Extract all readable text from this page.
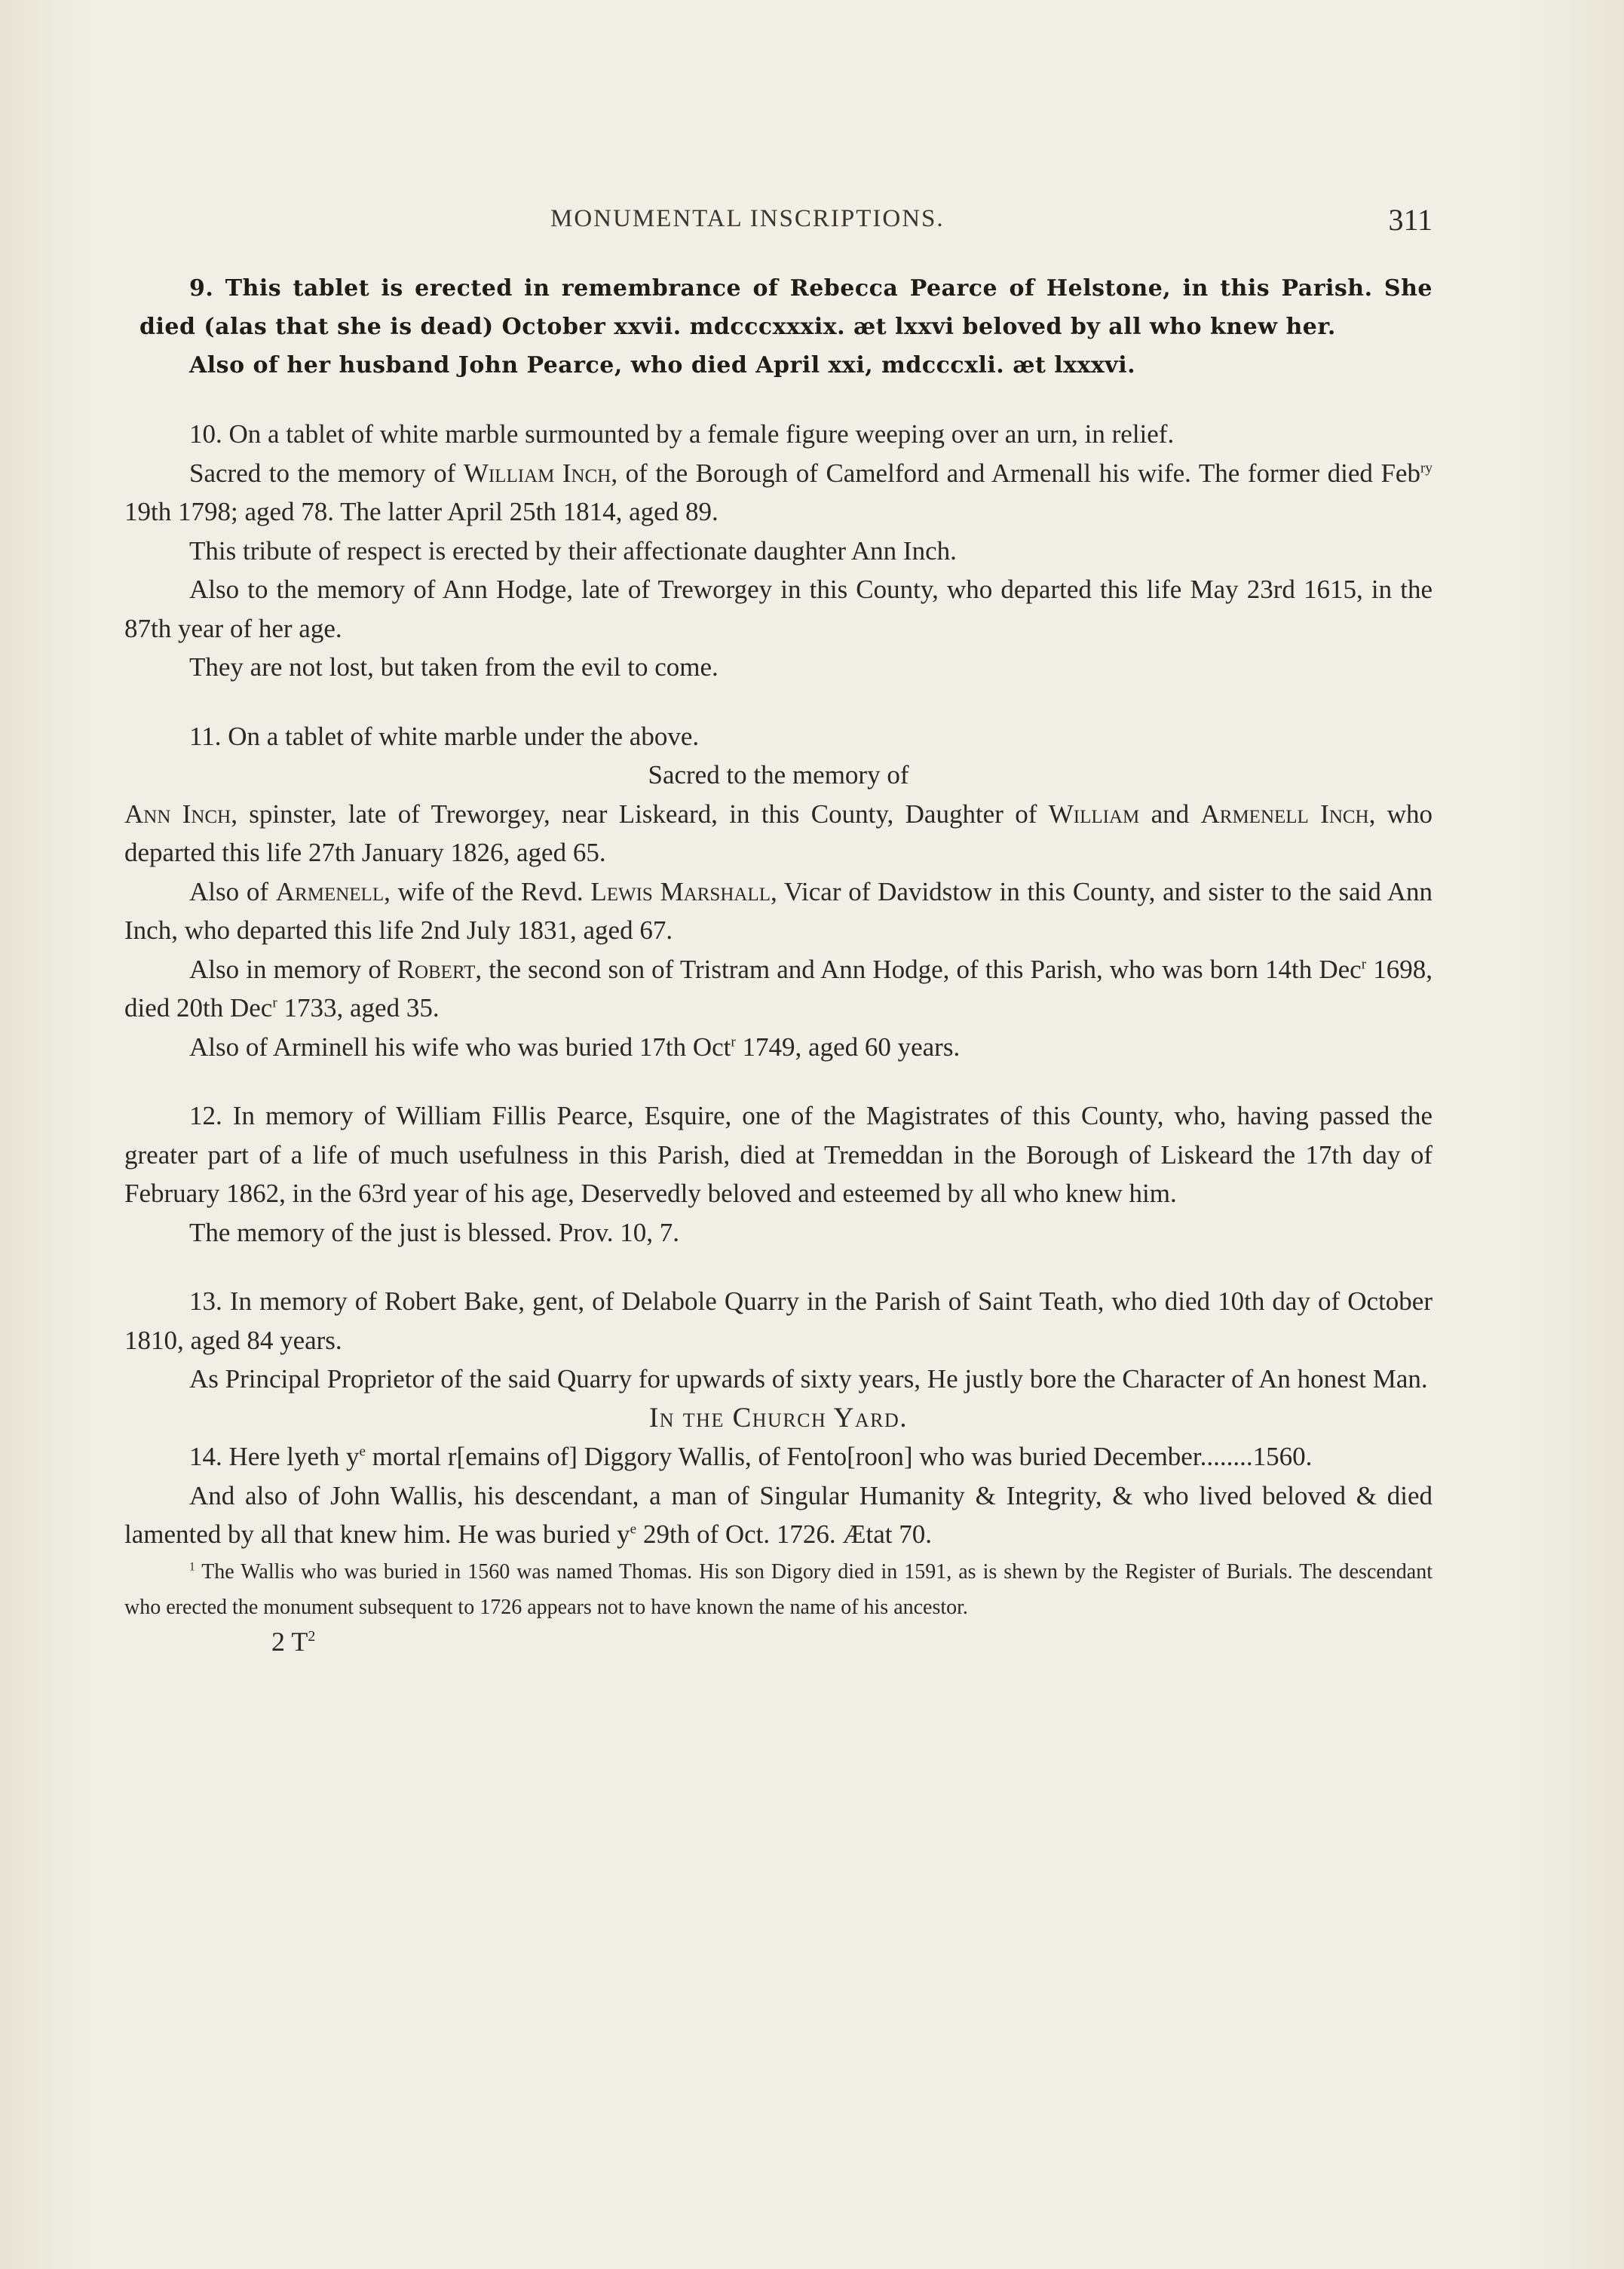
MONUMENTAL INSCRIPTIONS.	311

9. This tablet is erected in remembrance of Rebecca Pearce of Helstone, in this Parish. She

died (alas that she is dead) October xxvii. mdcccxxxix. æt lxxvi beloved by all who knew her.

Also of her husband John Pearce, who died April xxi, mdcccxli. æt lxxxvi.

10. On a tablet of white marble surmounted by a female figure weeping over an urn, in relief.

Sacred to the memory of William Inch, of the Borough of Camelford and Armenall his wife. The former died Feb$^{ry}$ 19th 1798; aged 78. The latter April 25th 1814, aged 89.

This tribute of respect is erected by their affectionate daughter Ann Inch.

Also to the memory of Ann Hodge, late of Treworgey in this County, who departed this life May 23rd 1615, in the 87th year of her age.

They are not lost, but taken from the evil to come.

11. On a tablet of white marble under the above.

Sacred to the memory of

Ann Inch, spinster, late of Treworgey, near Liskeard, in this County, Daughter of William and Armenell Inch, who departed this life 27th January 1826, aged 65.

Also of Armenell, wife of the Revd. Lewis Marshall, Vicar of Davidstow in this County, and sister to the said Ann Inch, who departed this life 2nd July 1831, aged 67.

Also in memory of Robert, the second son of Tristram and Ann Hodge, of this Parish, who was born 14th Dec$^r$ 1698, died 20th Dec$^r$ 1733, aged 35.

Also of Arminell his wife who was buried 17th Oct$^r$ 1749, aged 60 years.

12. In memory of William Fillis Pearce, Esquire, one of the Magistrates of this County, who, having passed the greater part of a life of much usefulness in this Parish, died at Tremeddan in the Borough of Liskeard the 17th day of February 1862, in the 63rd year of his age, Deservedly beloved and esteemed by all who knew him.

The memory of the just is blessed. Prov. 10, 7.

13. In memory of Robert Bake, gent, of Delabole Quarry in the Parish of Saint Teath, who died 10th day of October 1810, aged 84 years.

As Principal Proprietor of the said Quarry for upwards of sixty years, He justly bore the Character of An honest Man.

In the Church Yard.

14. Here lyeth $y^e$ mortal r[emains of] Diggory Wallis, of Fento[roon] who was buried December........1560.

And also of John Wallis, his descendant, a man of Singular Humanity & Integrity, & who lived beloved & died lamented by all that knew him. He was buried $y^e$ 29th of Oct. 1726. Ætat 70.

$^1$ The Wallis who was buried in 1560 was named Thomas. His son Digory died in 1591, as is shewn by the Register of Burials. The descendant who erected the monument subsequent to 1726 appears not to have known the name of his ancestor.

2 $T^2$
